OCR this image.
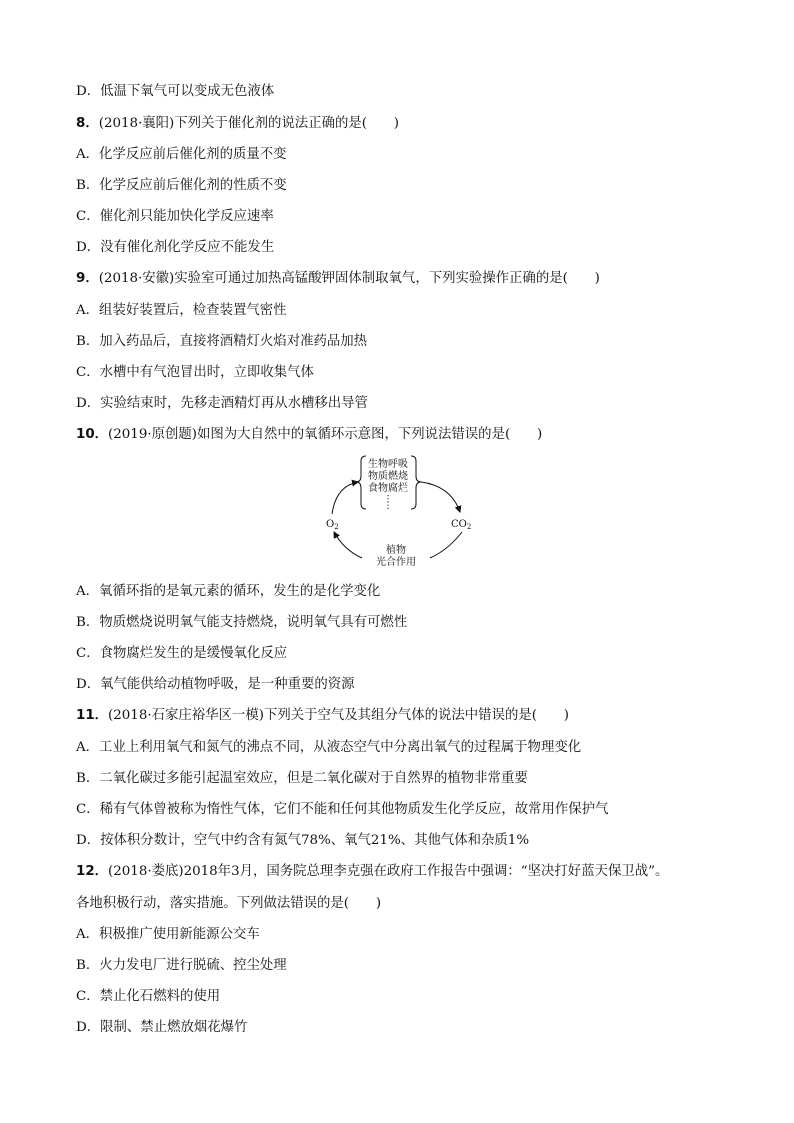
D．低温下氧气可以变成无色液体
8．(2018·襄阳)下列关于催化剂的说法正确的是(　　)
A．化学反应前后催化剂的质量不变
B．化学反应前后催化剂的性质不变
C．催化剂只能加快化学反应速率
D．没有催化剂化学反应不能发生
9．(2018·安徽)实验室可通过加热高锰酸钾固体制取氧气，下列实验操作正确的是(　　)
A．组装好装置后，检查装置气密性
B．加入药品后，直接将酒精灯火焰对准药品加热
C．水槽中有气泡冒出时，立即收集气体
D．实验结束时，先移走酒精灯再从水槽移出导管
10．(2019·原创题)如图为大自然中的氧循环示意图，下列说法错误的是(　　)
生物呼吸
物质燃烧
食物腐烂
$O_2$	$CO_2$
植物
光合作用
A．氧循环指的是氧元素的循环，发生的是化学变化
B．物质燃烧说明氧气能支持燃烧，说明氧气具有可燃性
C．食物腐烂发生的是缓慢氧化反应
D．氧气能供给动植物呼吸，是一种重要的资源
11．(2018·石家庄裕华区一模)下列关于空气及其组分气体的说法中错误的是(　　)
A．工业上利用氧气和氮气的沸点不同，从液态空气中分离出氧气的过程属于物理变化
B．二氧化碳过多能引起温室效应，但是二氧化碳对于自然界的植物非常重要
C．稀有气体曾被称为惰性气体，它们不能和任何其他物质发生化学反应，故常用作保护气
D．按体积分数计，空气中约含有氮气78%、氧气21%、其他气体和杂质1%
12．(2018·娄底)2018年3月，国务院总理李克强在政府工作报告中强调：“坚决打好蓝天保卫战”。
各地积极行动，落实措施。下列做法错误的是(　　)
A．积极推广使用新能源公交车
B．火力发电厂进行脱硫、控尘处理
C．禁止化石燃料的使用
D．限制、禁止燃放烟花爆竹
